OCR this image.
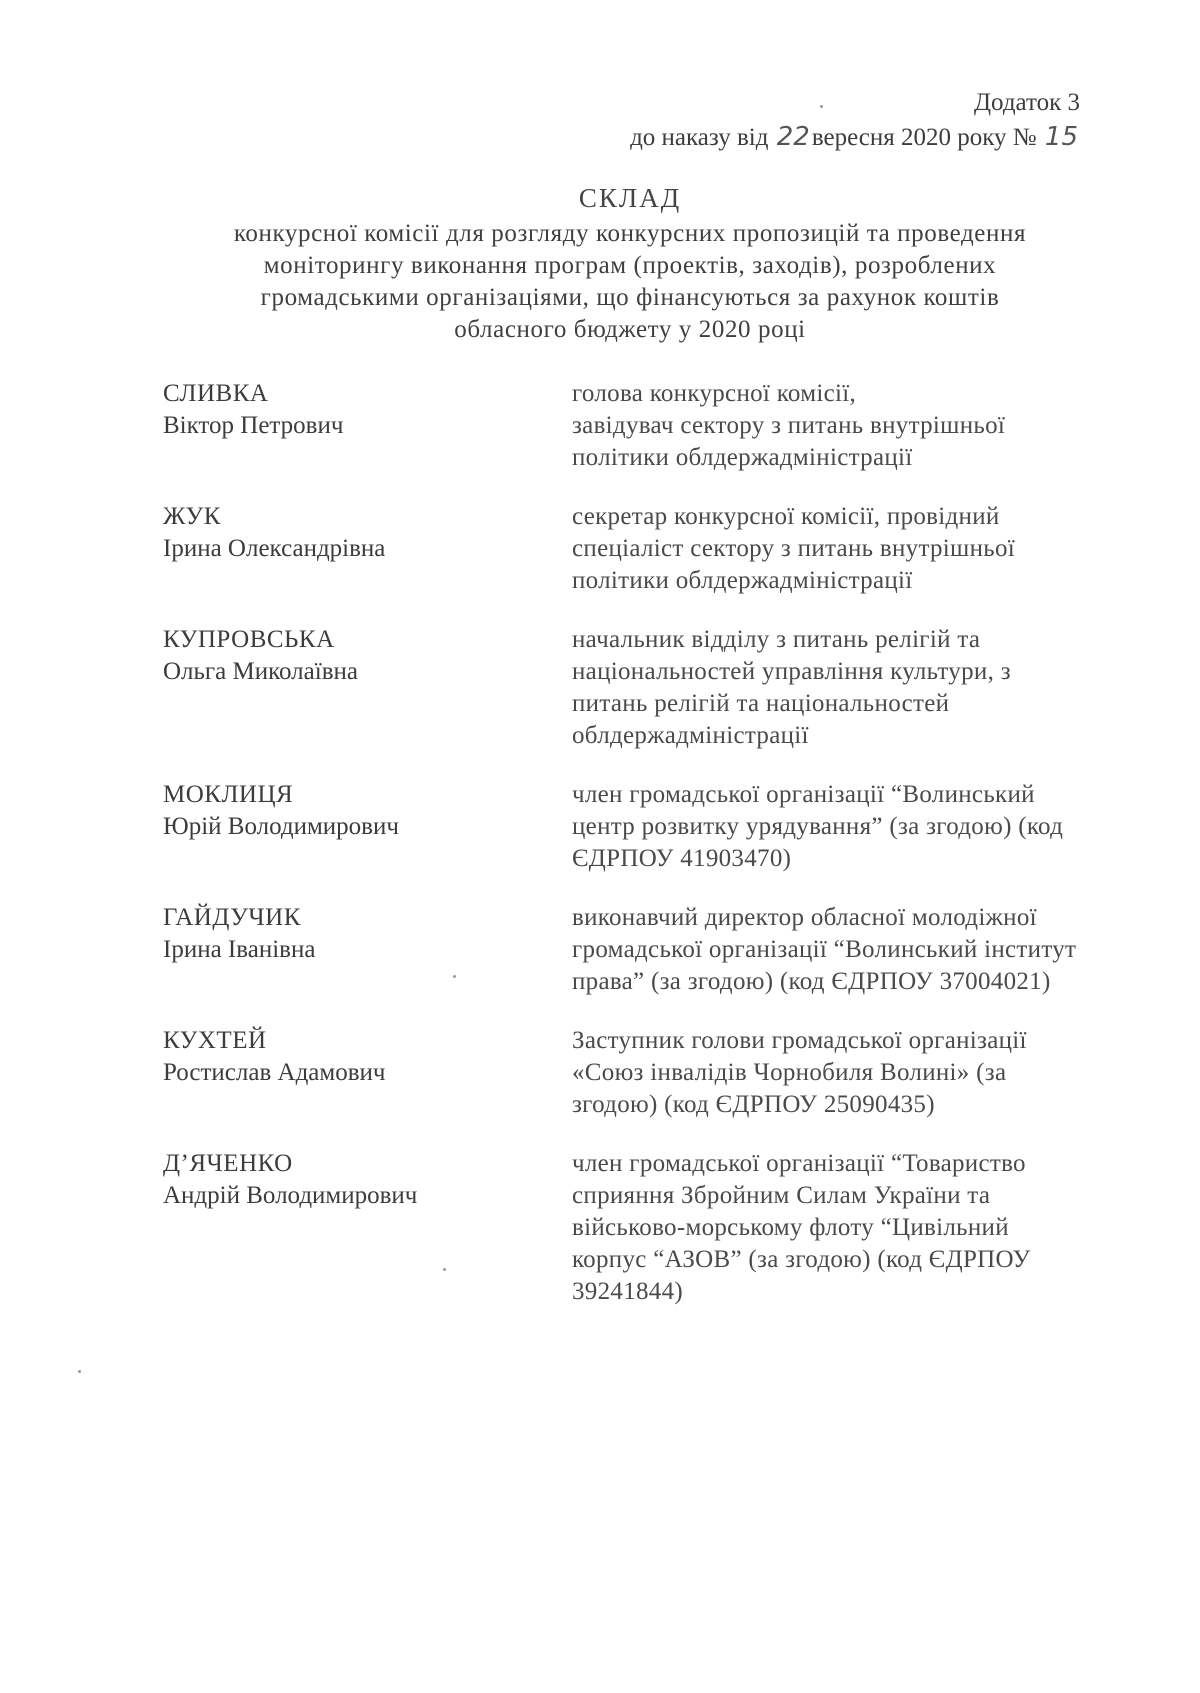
Додаток 3
до наказу від 22вересня 2020 року № 15
СКЛАД
конкурсної комісії для розгляду конкурсних пропозицій та проведення
моніторингу виконання програм (проектів, заходів), розроблених
громадськими організаціями, що фінансуються за рахунок коштів
обласного бюджету у 2020 році
СЛИВКА
Віктор Петрович
голова конкурсної комісії,
завідувач сектору з питань внутрішньої
політики облдержадміністрації
ЖУК
Ірина Олександрівна
секретар конкурсної комісії, провідний
спеціаліст сектору з питань внутрішньої
політики облдержадміністрації
КУПРОВСЬКА
Ольга Миколаївна
начальник відділу з питань релігій та
національностей управління культури, з
питань релігій та національностей
облдержадміністрації
МОКЛИЦЯ
Юрій Володимирович
член громадської організації “Волинський
центр розвитку урядування” (за згодою) (код
ЄДРПОУ 41903470)
ГАЙДУЧИК
Ірина Іванівна
виконавчий директор обласної молодіжної
громадської організації “Волинський інститут
права” (за згодою) (код ЄДРПОУ 37004021)
КУХТЕЙ
Ростислав Адамович
Заступник голови громадської організації
«Союз інвалідів Чорнобиля Волині» (за
згодою) (код ЄДРПОУ 25090435)
Д’ЯЧЕНКО
Андрій Володимирович
член громадської організації “Товариство
сприяння Збройним Силам України та
військово-морському флоту “Цивільний
корпус “АЗОВ” (за згодою) (код ЄДРПОУ
39241844)
